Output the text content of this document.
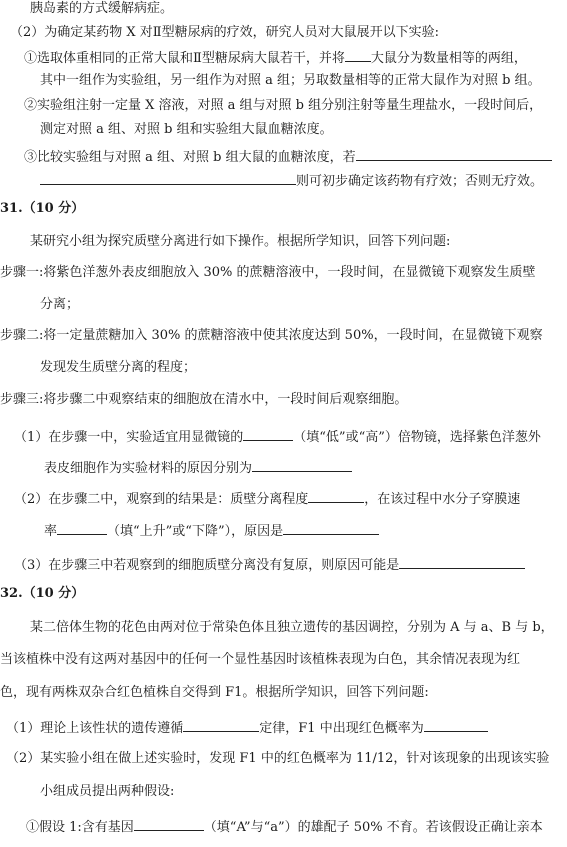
胰岛素的方式缓解病症。
（2）为确定某药物 X 对Ⅱ型糖尿病的疗效，研究人员对大鼠展开以下实验:
①选取体重相同的正常大鼠和Ⅱ型糖尿病大鼠若干，并将 大鼠分为数量相等的两组，
其中一组作为实验组，另一组作为对照 a 组；另取数量相等的正常大鼠作为对照 b 组。
②实验组注射一定量 X 溶液，对照 a 组与对照 b 组分别注射等量生理盐水，一段时间后，
测定对照 a 组、对照 b 组和实验组大鼠血糖浓度。
③比较实验组与对照 a 组、对照 b 组大鼠的血糖浓度，若
则可初步确定该药物有疗效；否则无疗效。
31.（10 分）
某研究小组为探究质壁分离进行如下操作。根据所学知识，回答下列问题:
步骤一:将紫色洋葱外表皮细胞放入 30% 的蔗糖溶液中，一段时间，在显微镜下观察发生质壁
分离；
步骤二:将一定量蔗糖加入 30% 的蔗糖溶液中使其浓度达到 50%，一段时间，在显微镜下观察
发现发生质壁分离的程度；
步骤三:将步骤二中观察结束的细胞放在清水中，一段时间后观察细胞。
（1）在步骤一中，实验适宜用显微镜的	（填“低”或“高”）倍物镜，选择紫色洋葱外
表皮细胞作为实验材料的原因分别为
（2）在步骤二中，观察到的结果是：质壁分离程度	，在该过程中水分子穿膜速
率	（填“上升”或“下降”），原因是
（3）在步骤三中若观察到的细胞质壁分离没有复原，则原因可能是
32.（10 分）
某二倍体生物的花色由两对位于常染色体且独立遗传的基因调控，分别为 A 与 a、B 与 b，
当该植株中没有这两对基因中的任何一个显性基因时该植株表现为白色，其余情况表现为红
色，现有两株双杂合红色植株自交得到 F1。根据所学知识，回答下列问题:
（1）理论上该性状的遗传遵循	定律，F1 中出现红色概率为
（2）某实验小组在做上述实验时，发现 F1 中的红色概率为 11/12，针对该现象的出现该实验
小组成员提出两种假设:
①假设 1:含有基因	（填“A”与“a”）的雄配子 50% 不育。若该假设正确让亲本
